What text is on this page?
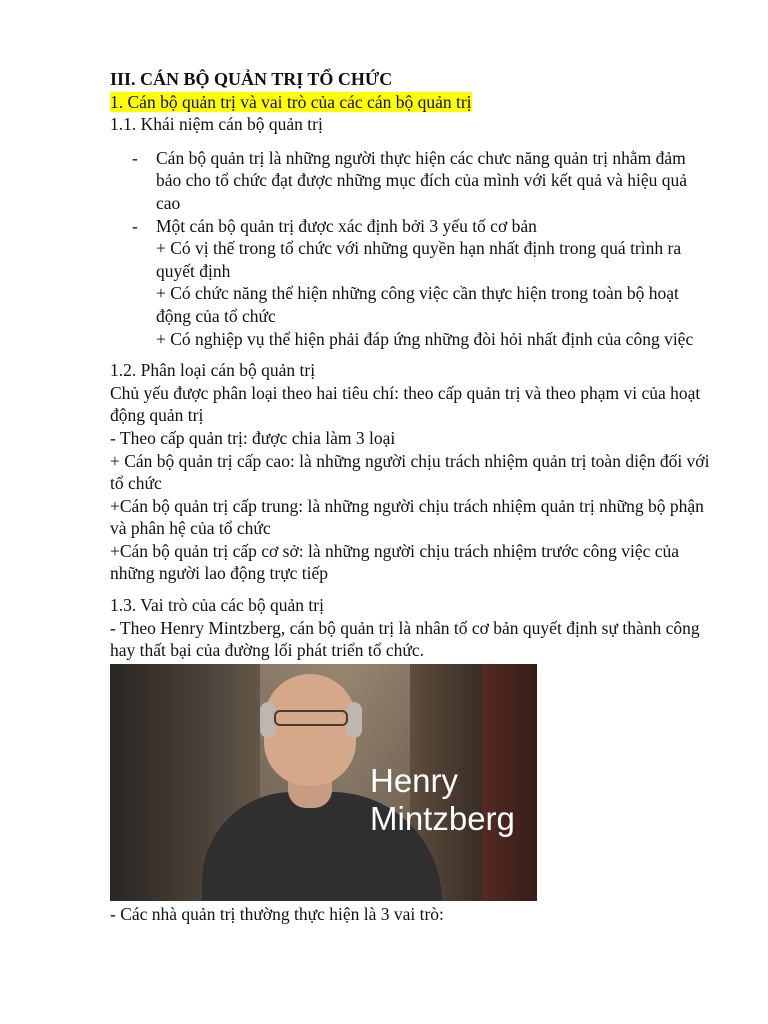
III. CÁN BỘ QUẢN TRỊ TỔ CHỨC
1. Cán bộ quản trị và vai trò của các cán bộ quản trị
1.1. Khái niệm cán bộ quản trị
- Cán bộ quản trị là những người thực hiện các chưc năng quản trị nhằm đảm bảo cho tổ chức đạt được những mục đích của mình với kết quả và hiệu quả cao
- Một cán bộ quản trị được xác định bởi 3 yếu tố cơ bản
+ Có vị thế trong tổ chức với những quyền hạn nhất định trong quá trình ra quyết định
+ Có chức năng thể hiện những công việc cần thực hiện trong toàn bộ hoạt động của tổ chức
+ Có nghiệp vụ thể hiện phải đáp ứng những đòi hỏi nhất định của công việc
1.2. Phân loại cán bộ quản trị
Chủ yếu được phân loại theo hai tiêu chí: theo cấp quản trị và theo phạm vi của hoạt động quản trị
- Theo cấp quản trị: được chia làm 3 loại
+ Cán bộ quản trị cấp cao: là những người chịu trách nhiệm quản trị toàn diện đối với tổ chức
+Cán bộ quản trị cấp trung: là những người chịu trách nhiệm quản trị những bộ phận và phân hệ của tổ chức
+Cán bộ quản trị cấp cơ sở: là những người chịu trách nhiệm trước công việc của những người lao động trực tiếp
1.3. Vai trò của các bộ quản trị
- Theo Henry Mintzberg, cán bộ quản trị là nhân tố cơ bản quyết định sự thành công hay thất bại của đường lối phát triển tổ chức.
Henry
Mintzberg
- Các nhà quản trị thường thực hiện là 3 vai trò:
